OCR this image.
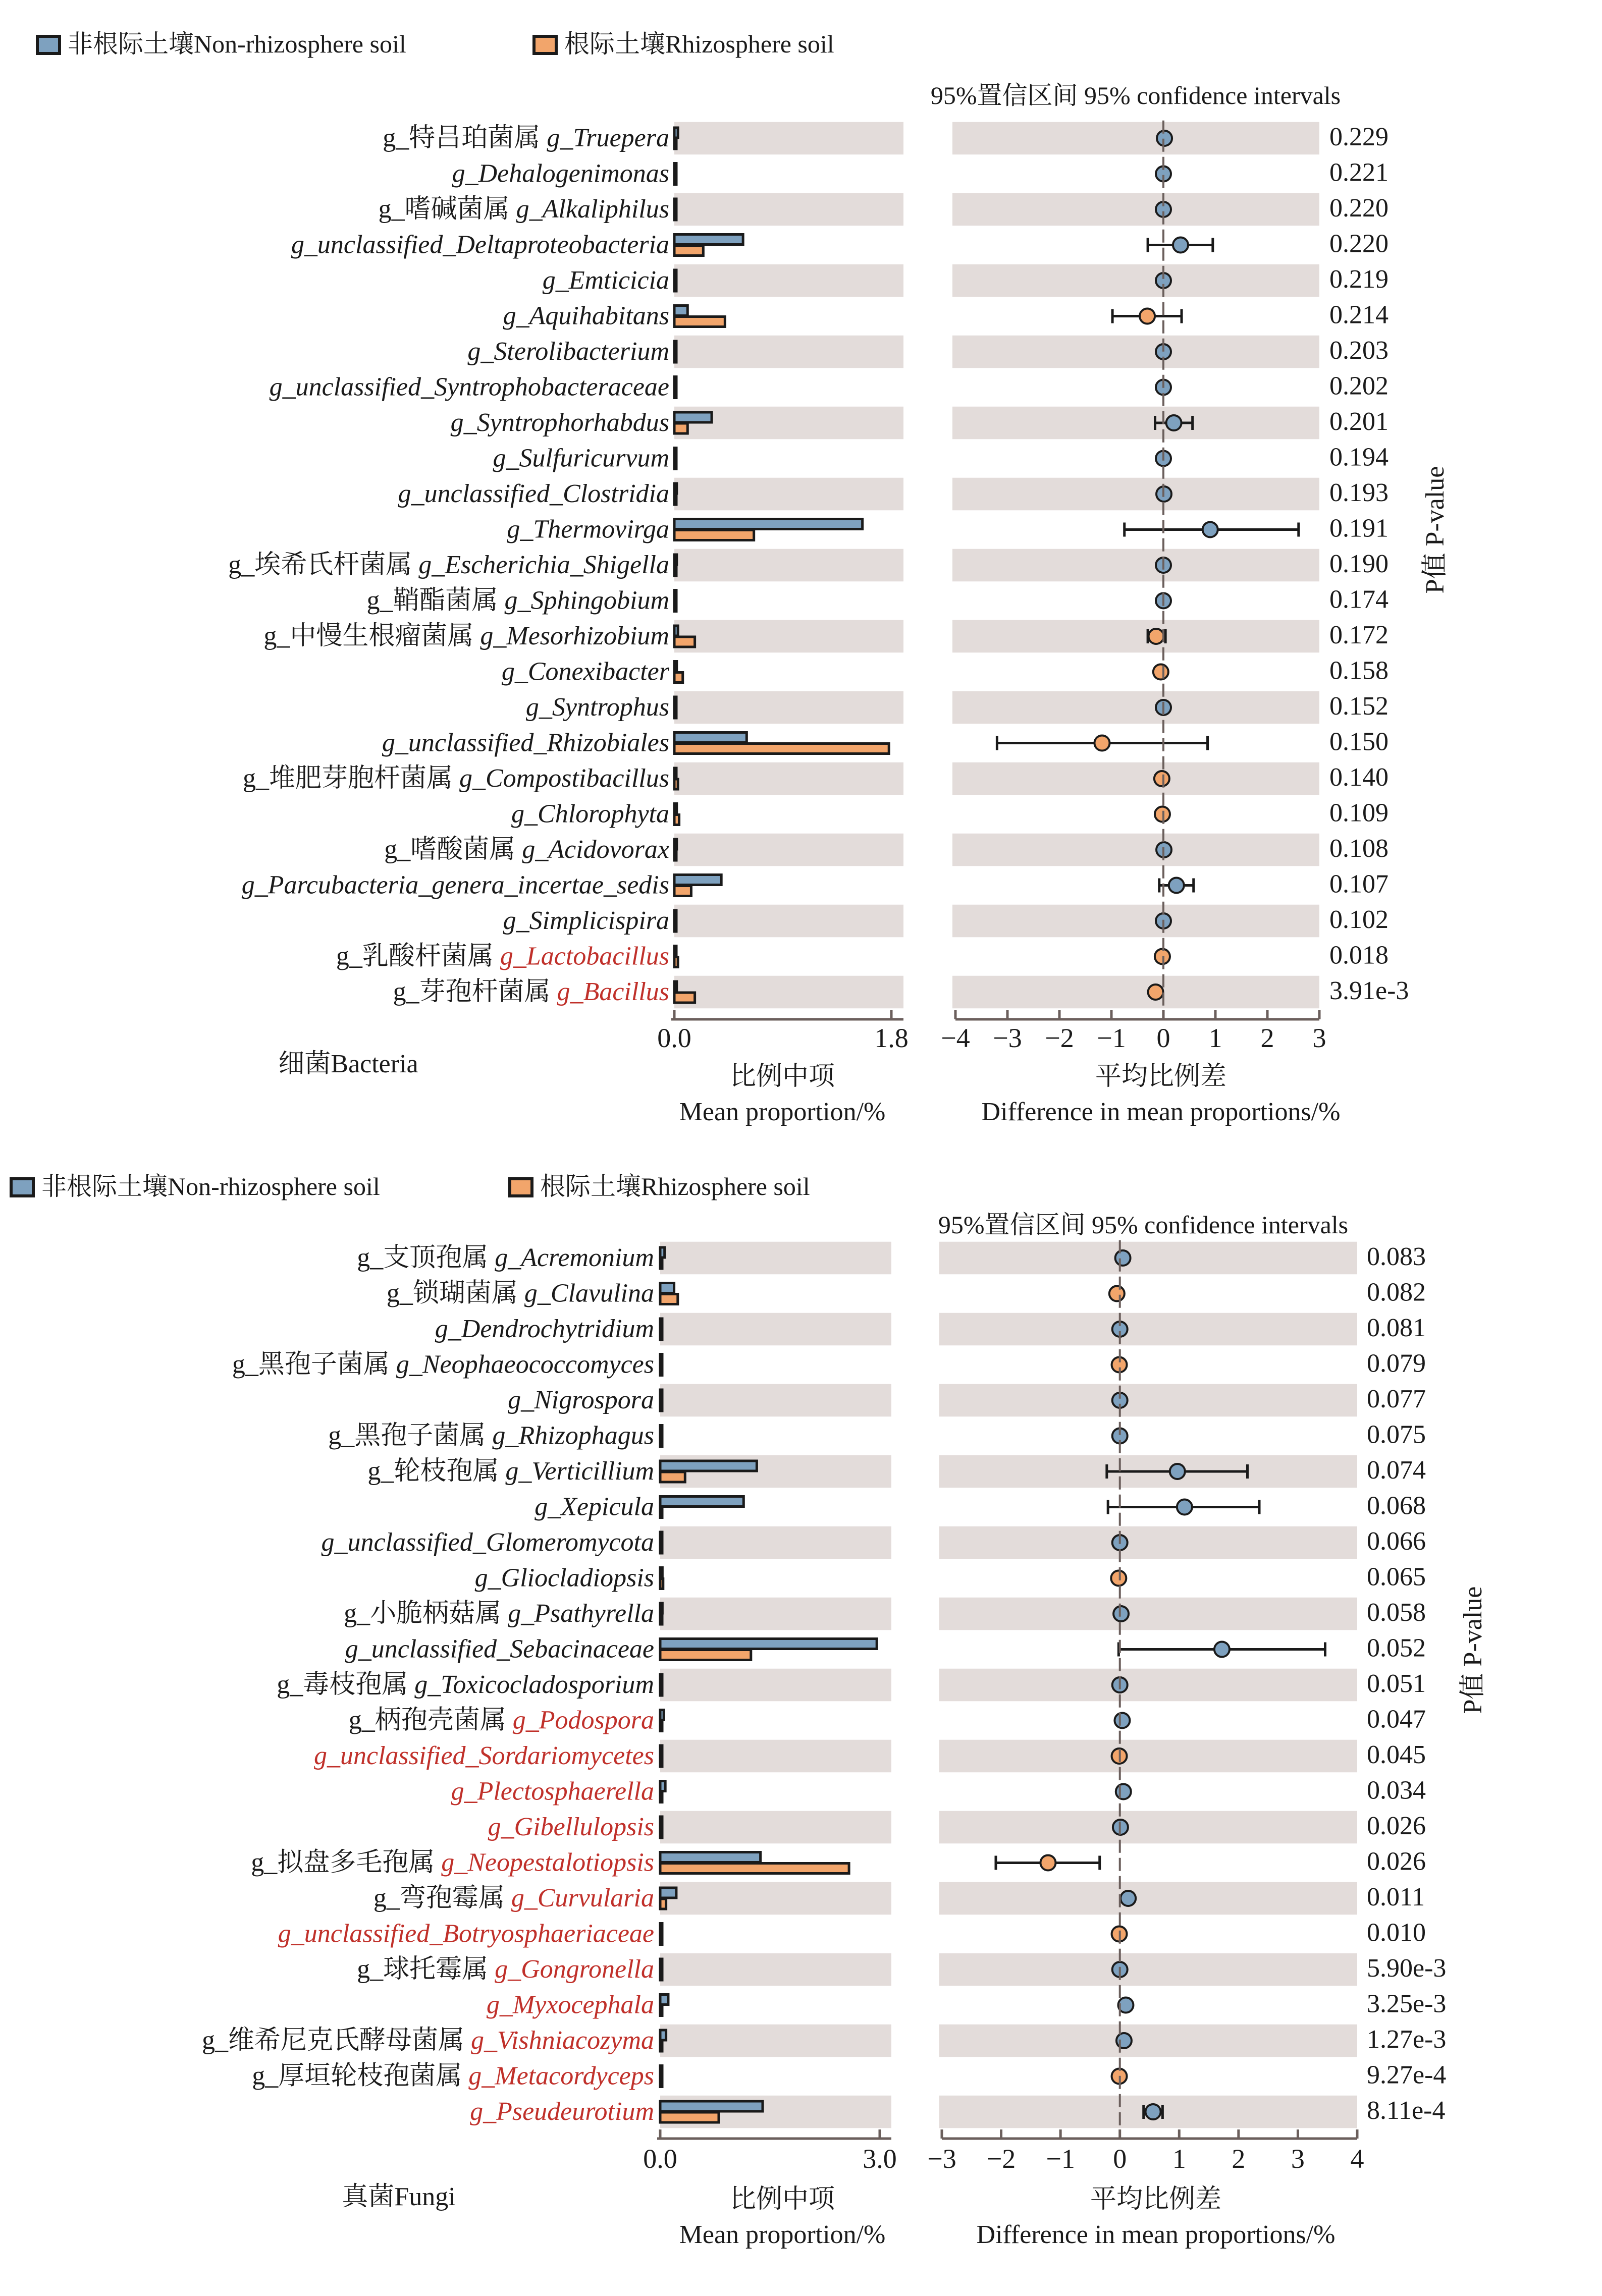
非根际土壤Non-rhizosphere soil	根际土壤Rhizosphere soil
95%置信区间 95% confidence intervals
g_特吕珀菌属 g_Truepera	0.229
g_Dehalogenimonas	0.221
g_嗜碱菌属 g_Alkaliphilus	0.220
g_unclassified_Deltaproteobacteria	0.220
g_Emticicia	0.219
g_Aquihabitans	0.214
g_Sterolibacterium	0.203
g_unclassified_Syntrophobacteraceae	0.202
g_Syntrophorhabdus	0.201
g_Sulfuricurvum	0.194
g_unclassified_Clostridia	0.193
g_Thermovirga	0.191
g_埃希氏杆菌属 g_Escherichia_Shigella	0.190
g_鞘酯菌属 g_Sphingobium	0.174
g_中慢生根瘤菌属 g_Mesorhizobium	0.172
g_Conexibacter	0.158
g_Syntrophus	0.152
g_unclassified_Rhizobiales	0.150
g_堆肥芽胞杆菌属 g_Compostibacillus	0.140
g_Chlorophyta	0.109
g_嗜酸菌属 g_Acidovorax	0.108
g_Parcubacteria_genera_incertae_sedis	0.107
g_Simplicispira	0.102
g_乳酸杆菌属 g_Lactobacillus	0.018
g_芽孢杆菌属 g_Bacillus	3.91e-3
0.0	1.8 −4 −3 −2 −1 0 1 2 3
细菌Bacteria	比例中项
Mean proportion/%
平均比例差
Difference in mean proportions/%
P值 P-value
非根际土壤Non-rhizosphere soil	根际土壤Rhizosphere soil
95%置信区间 95% confidence intervals
g_支顶孢属 g_Acremonium	0.083
g_锁瑚菌属 g_Clavulina	0.082
g_Dendrochytridium	0.081
g_黑孢子菌属 g_Neophaeococcomyces	0.079
g_Nigrospora	0.077
g_黑孢子菌属 g_Rhizophagus	0.075
g_轮枝孢属 g_Verticillium	0.074
g_Xepicula	0.068
g_unclassified_Glomeromycota	0.066
g_Gliocladiopsis	0.065
g_小脆柄菇属 g_Psathyrella	0.058
g_unclassified_Sebacinaceae	0.052
g_毒枝孢属 g_Toxicocladosporium	0.051
g_柄孢壳菌属 g_Podospora	0.047
g_unclassified_Sordariomycetes	0.045
g_Plectosphaerella	0.034
g_Gibellulopsis	0.026
g_拟盘多毛孢属 g_Neopestalotiopsis	0.026
g_弯孢霉属 g_Curvularia	0.011
g_unclassified_Botryosphaeriaceae	0.010
g_球托霉属 g_Gongronella	5.90e-3
g_Myxocephala	3.25e-3
g_维希尼克氏酵母菌属 g_Vishniacozyma	1.27e-3
g_厚垣轮枝孢菌属 g_Metacordyceps	9.27e-4
g_Pseudeurotium	8.11e-4
0.0	3.0 −3 −2 −1 0 1 2 3 4
真菌Fungi	比例中项
Mean proportion/%
平均比例差
Difference in mean proportions/%
P值 P-value
